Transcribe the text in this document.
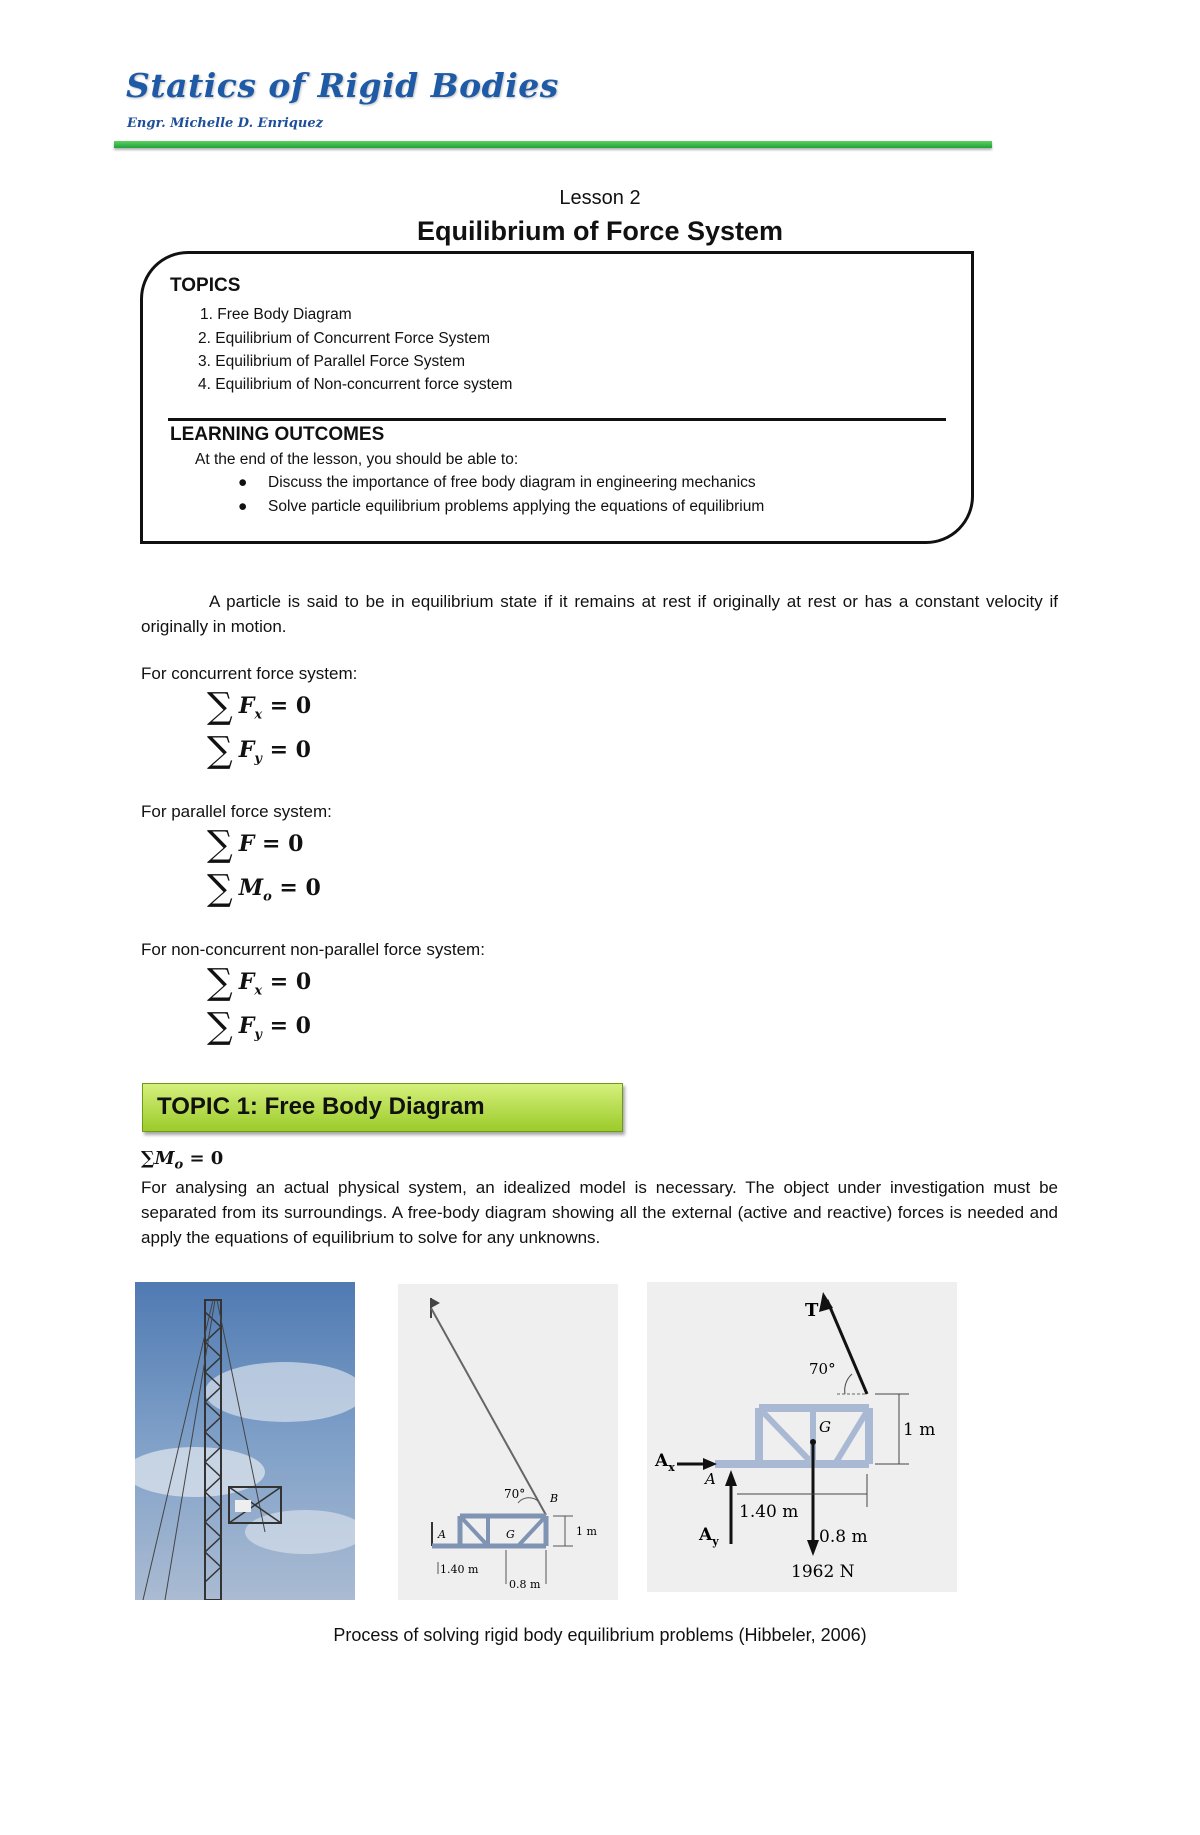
Statics of Rigid Bodies
Engr. Michelle D. Enriquez
Lesson 2
Equilibrium of Force System
TOPICS
1. Free Body Diagram
2. Equilibrium of Concurrent Force System
3. Equilibrium of Parallel Force System
4. Equilibrium of Non-concurrent force system
LEARNING OUTCOMES
At the end of the lesson, you should be able to:
● Discuss the importance of free body diagram in engineering mechanics
● Solve particle equilibrium problems applying the equations of equilibrium
A particle is said to be in equilibrium state if it remains at rest if originally at rest or has a constant velocity if originally in motion.
For concurrent force system:
∑ $F_x = 0$
∑ $F_y = 0$
For parallel force system:
∑ F = 0
∑ $M_o = 0$
For non-concurrent non-parallel force system:
∑ $F_x = 0$
∑ $F_y = 0$
TOPIC 1: Free Body Diagram
$\sum M_o = 0$
For analysing an actual physical system, an idealized model is necessary. The object under investigation must be separated from its surroundings. A free-body diagram showing all the external (active and reactive) forces is needed and apply the equations of equilibrium to solve for any unknowns.
70° B
A	G	1 m
1.40 m
0.8 m
T
70°
G
A
$A_x$
$A_y$
1962 N
1 m
1.40 m
0.8 m
Process of solving rigid body equilibrium problems (Hibbeler, 2006)
